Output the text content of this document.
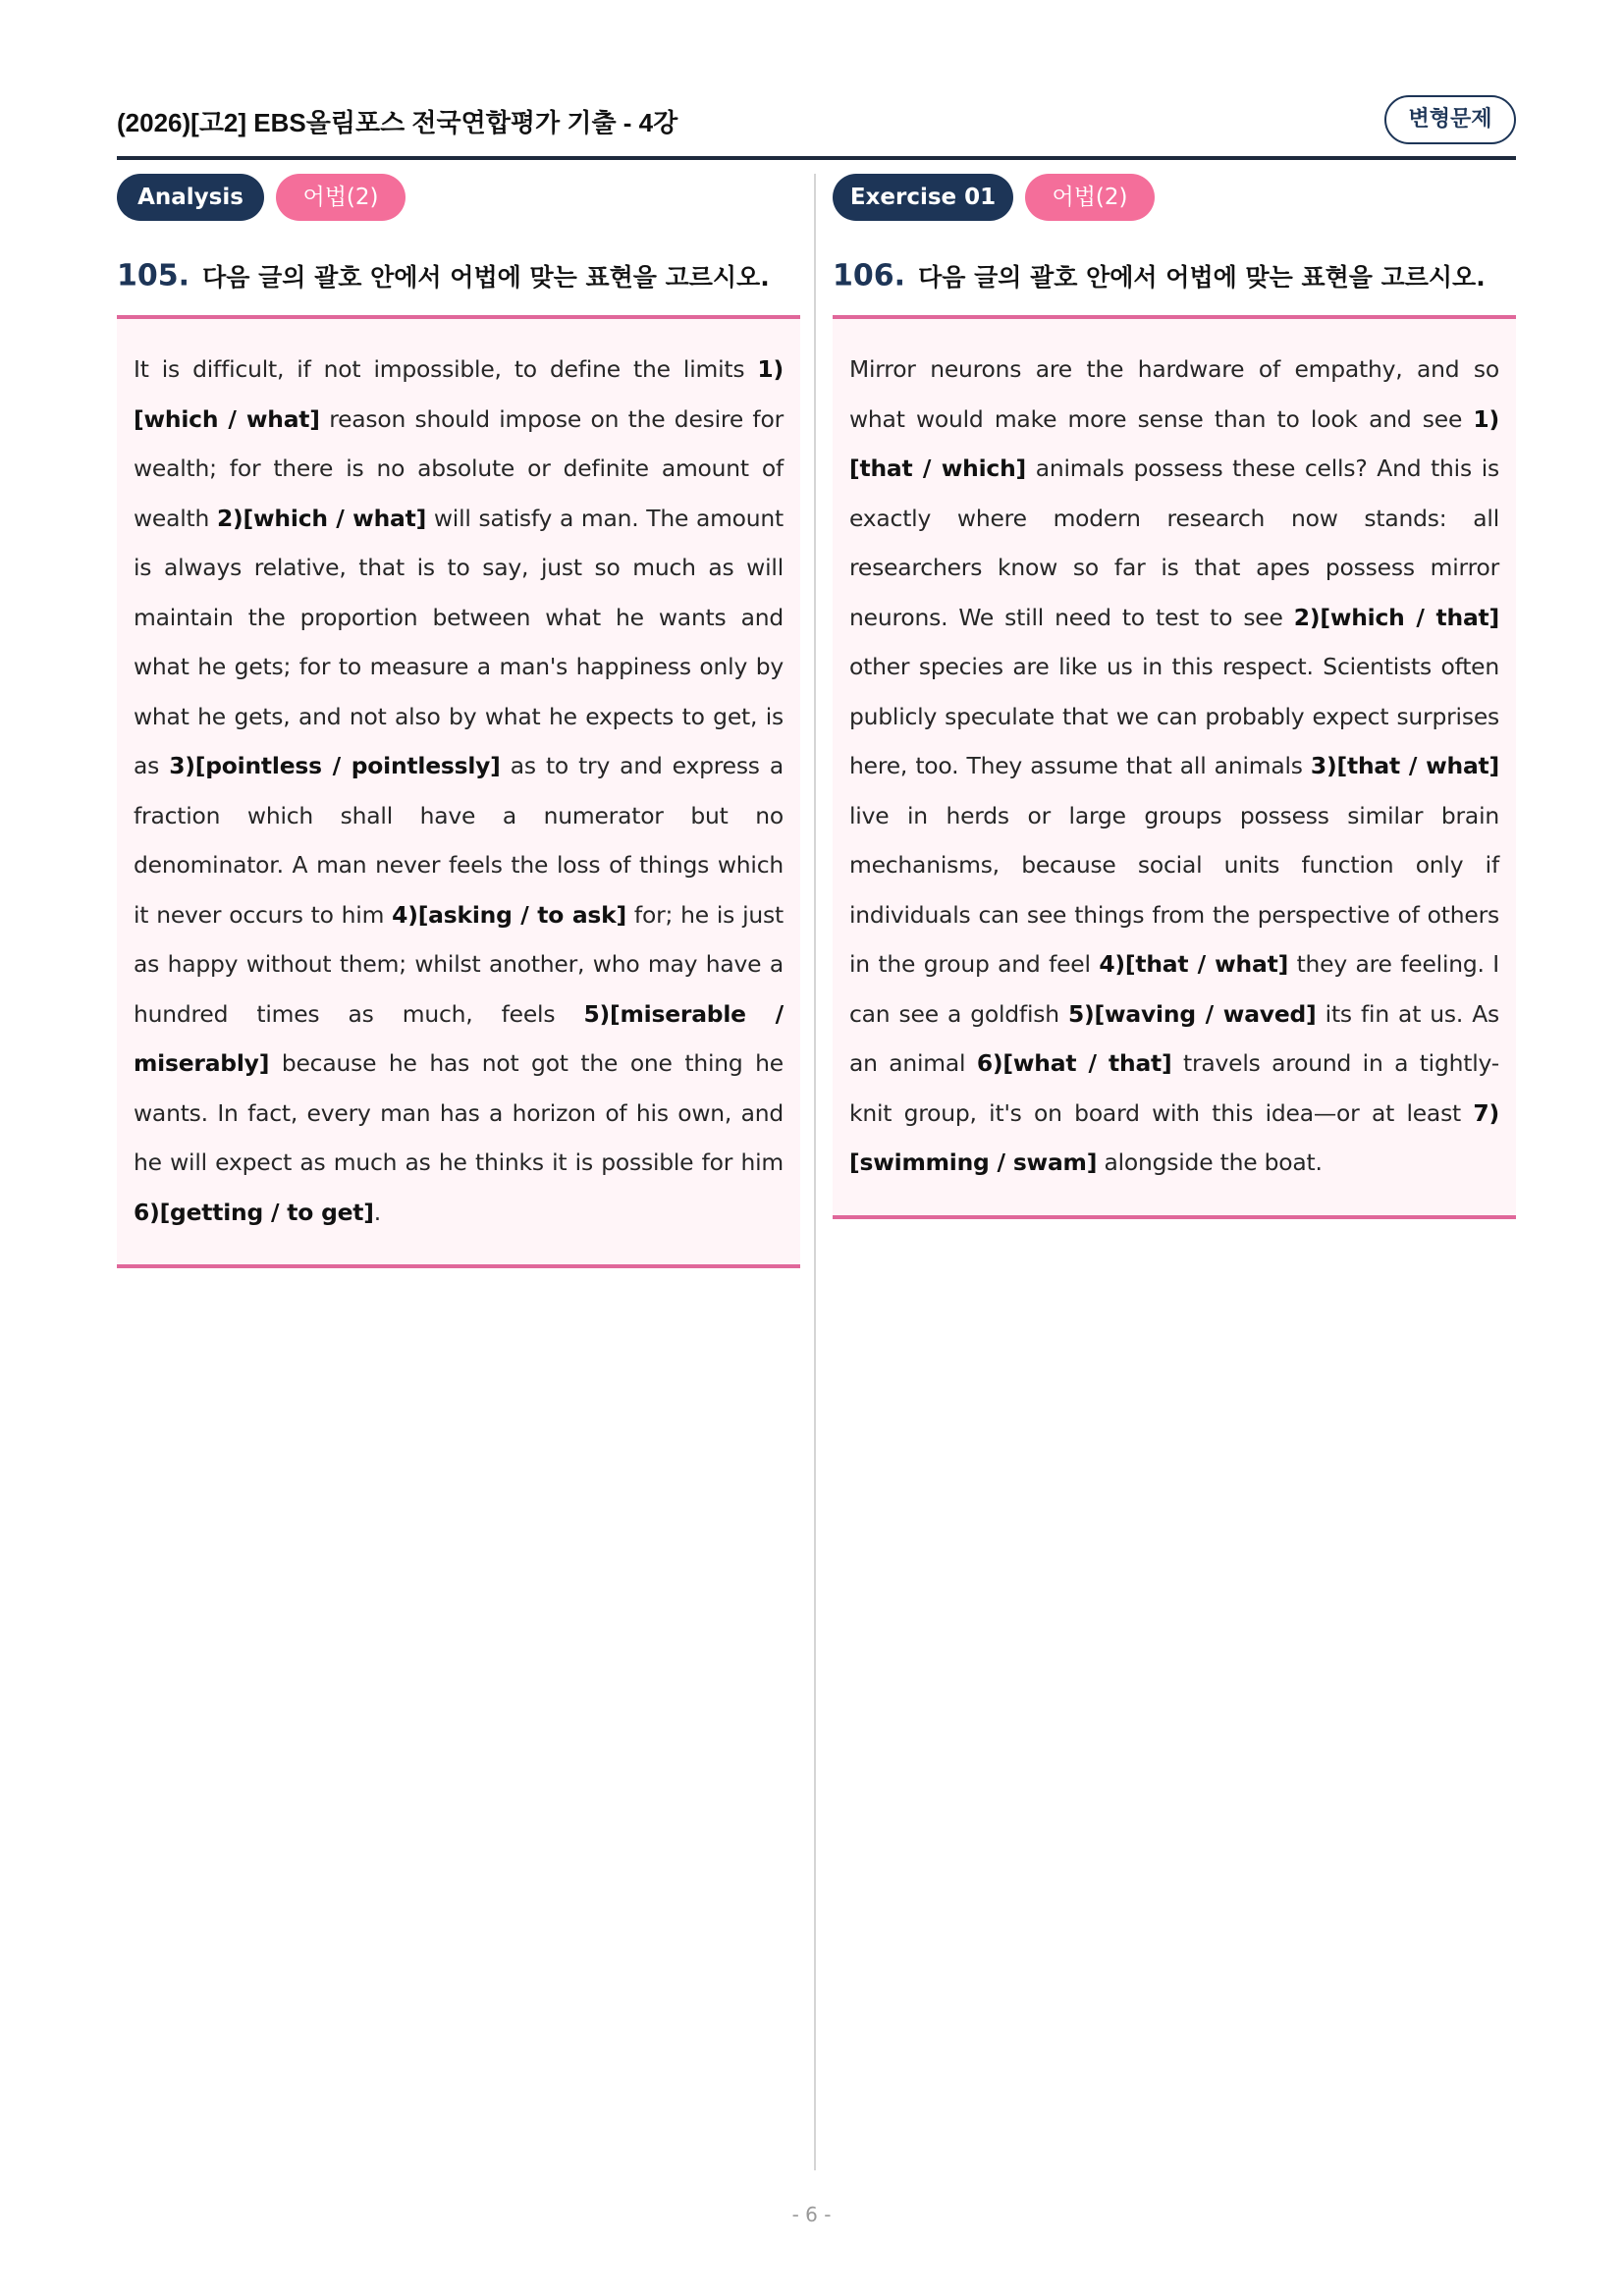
(2026)[고2] EBS올림포스 전국연합평가 기출 - 4강	변형문제
Analysis	어법(2)
105. 다음 글의 괄호 안에서 어법에 맞는 표현을 고르시오.

It is difficult, if not impossible, to define the limits 1)[which / what] reason should impose on the desire for wealth; for there is no absolute or definite amount of wealth 2)[which / what] will satisfy a man. The amount is always relative, that is to say, just so much as will maintain the proportion between what he wants and what he gets; for to measure a man's happiness only by what he gets, and not also by what he expects to get, is as 3)[pointless / pointlessly] as to try and express a fraction which shall have a numerator but no denominator. A man never feels the loss of things which it never occurs to him 4)[asking / to ask] for; he is just as happy without them; whilst another, who may have a hundred times as much, feels 5)[miserable / miserably] because he has not got the one thing he wants. In fact, every man has a horizon of his own, and he will expect as much as he thinks it is possible for him 6)[getting / to get].

Exercise 01	어법(2)
106. 다음 글의 괄호 안에서 어법에 맞는 표현을 고르시오.

Mirror neurons are the hardware of empathy, and so what would make more sense than to look and see 1)[that / which] animals possess these cells? And this is exactly where modern research now stands: all researchers know so far is that apes possess mirror neurons. We still need to test to see 2)[which / that] other species are like us in this respect. Scientists often publicly speculate that we can probably expect surprises here, too. They assume that all animals 3)[that / what] live in herds or large groups possess similar brain mechanisms, because social units function only if individuals can see things from the perspective of others in the group and feel 4)[that / what] they are feeling. I can see a goldfish 5)[waving / waved] its fin at us. As an animal 6)[what / that] travels around in a tightly-knit group, it's on board with this idea—or at least 7)[swimming / swam] alongside the boat.

- 6 -
